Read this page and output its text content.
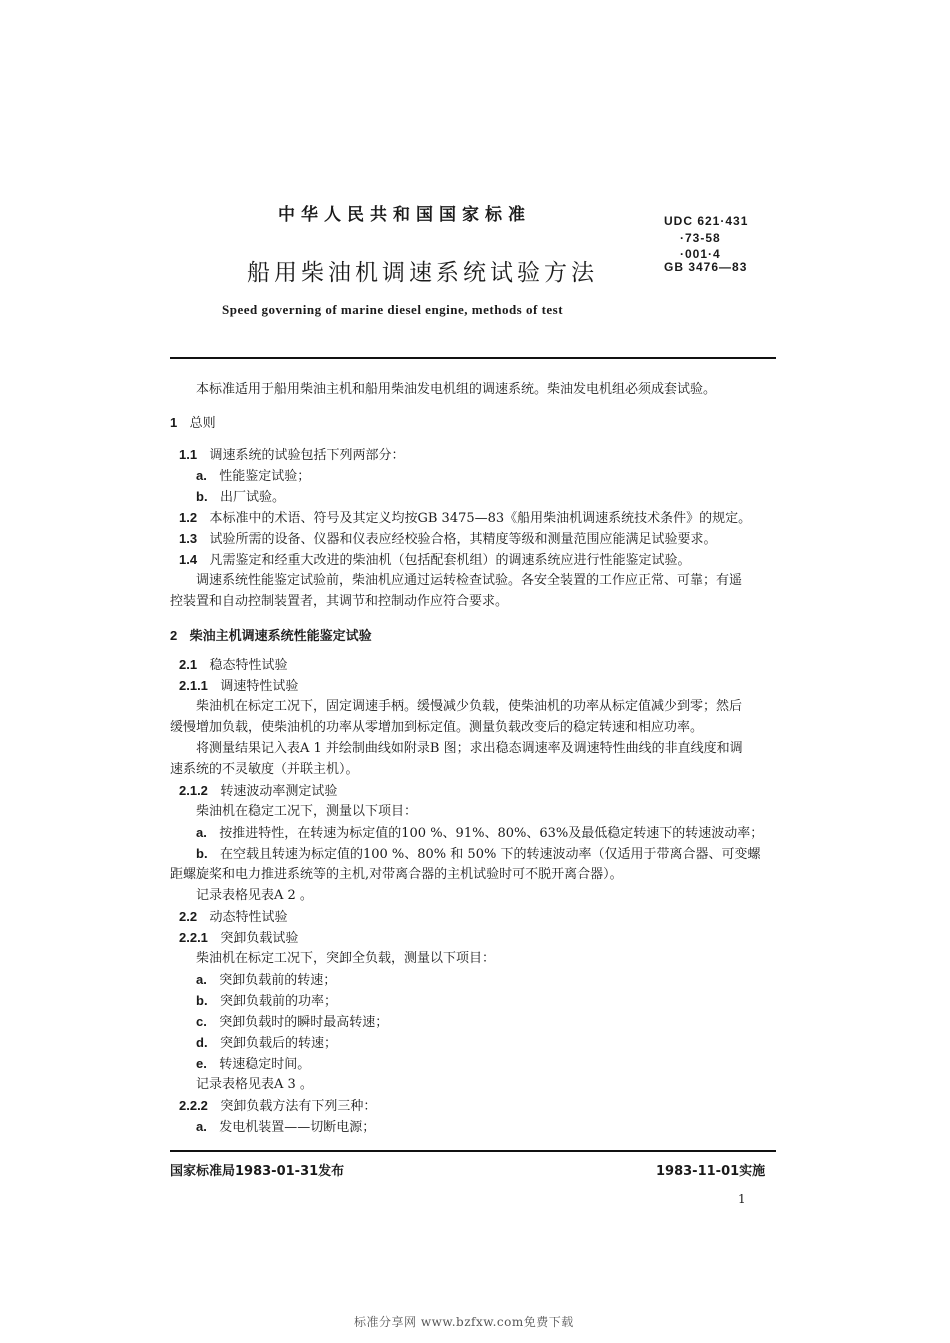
中华人民共和国国家标准	UDC 621·431
·73-58
·001·4
GB 3476—83
船用柴油机调速系统试验方法
Speed governing of marine diesel engine, methods of test
本标准适用于船用柴油主机和船用柴油发电机组的调速系统。柴油发电机组必须成套试验。
1 总则
1.1 调速系统的试验包括下列两部分：
a. 性能鉴定试验；
b. 出厂试验。
1.2 本标准中的术语、符号及其定义均按GB 3475—83《船用柴油机调速系统技术条件》的规定。
1.3 试验所需的设备、仪器和仪表应经校验合格，其精度等级和测量范围应能满足试验要求。
1.4 凡需鉴定和经重大改进的柴油机（包括配套机组）的调速系统应进行性能鉴定试验。
调速系统性能鉴定试验前，柴油机应通过运转检查试验。各安全装置的工作应正常、可靠；有遥
控装置和自动控制装置者，其调节和控制动作应符合要求。
2 柴油主机调速系统性能鉴定试验
2.1 稳态特性试验
2.1.1 调速特性试验
柴油机在标定工况下，固定调速手柄。缓慢减少负载，使柴油机的功率从标定值减少到零；然后
缓慢增加负载，使柴油机的功率从零增加到标定值。测量负载改变后的稳定转速和相应功率。
将测量结果记入表A 1 并绘制曲线如附录B 图；求出稳态调速率及调速特性曲线的非直线度和调
速系统的不灵敏度（并联主机）。
2.1.2 转速波动率测定试验
柴油机在稳定工况下，测量以下项目：
a. 按推进特性，在转速为标定值的100 %、91%、80%、63%及最低稳定转速下的转速波动率；
b. 在空载且转速为标定值的100 %、80% 和 50% 下的转速波动率（仅适用于带离合器、可变螺
距螺旋桨和电力推进系统等的主机,对带离合器的主机试验时可不脱开离合器）。
记录表格见表A 2 。
2.2 动态特性试验
2.2.1 突卸负载试验
柴油机在标定工况下，突卸全负载，测量以下项目：
a. 突卸负载前的转速；
b. 突卸负载前的功率；
c. 突卸负载时的瞬时最高转速；
d. 突卸负载后的转速；
e. 转速稳定时间。
记录表格见表A 3 。
2.2.2 突卸负载方法有下列三种：
a. 发电机装置——切断电源；
国家标准局1983-01-31发布	1983-11-01实施
1
标准分享网 www.bzfxw.com免费下载
